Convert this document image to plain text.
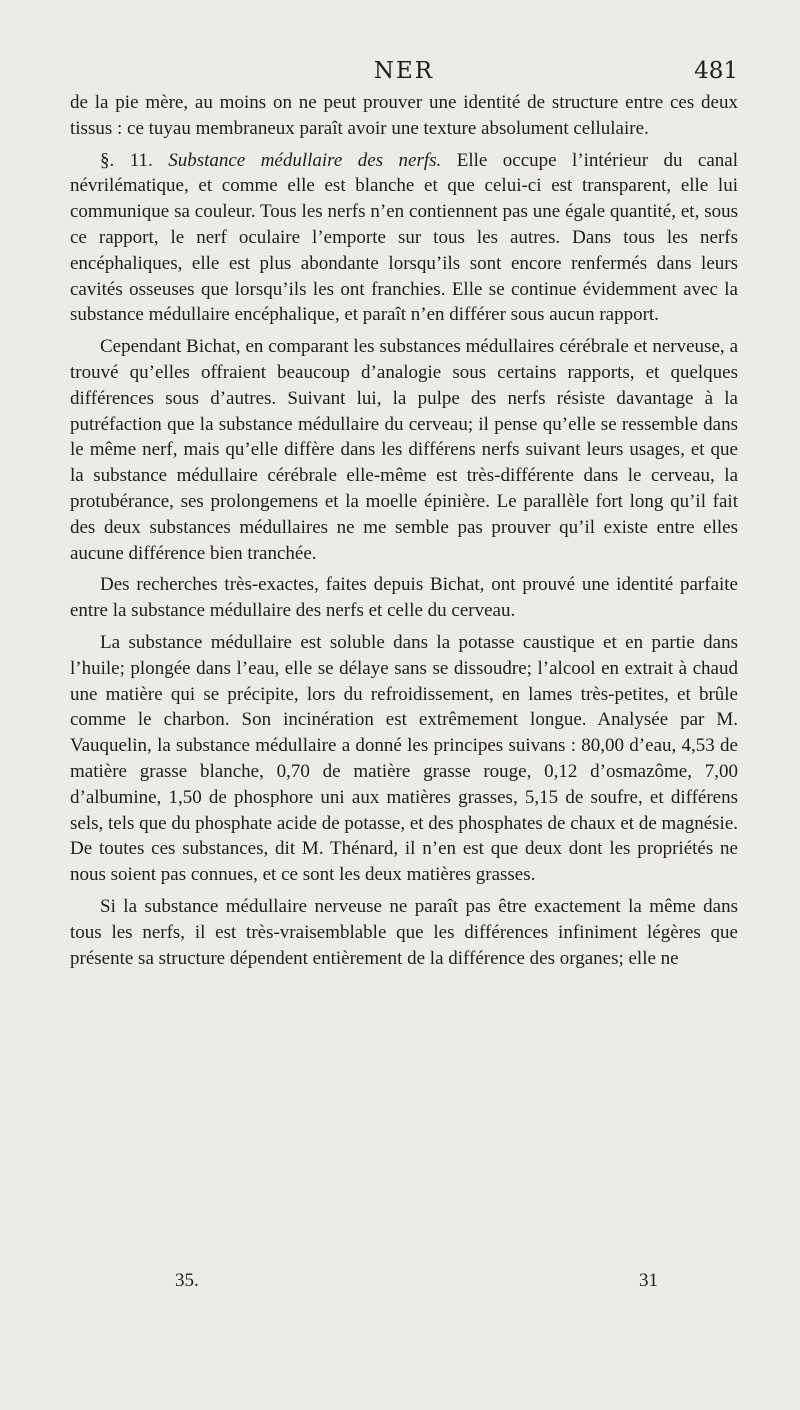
NER	481

de la pie mère, au moins on ne peut prouver une identité de structure entre ces deux tissus : ce tuyau membraneux paraît avoir une texture absolument cellulaire.

§. 11. Substance médullaire des nerfs. Elle occupe l’intérieur du canal névrilématique, et comme elle est blanche et que celui-ci est transparent, elle lui communique sa couleur. Tous les nerfs n’en contiennent pas une égale quantité, et, sous ce rapport, le nerf oculaire l’emporte sur tous les autres. Dans tous les nerfs encéphaliques, elle est plus abondante lorsqu’ils sont encore renfermés dans leurs cavités osseuses que lorsqu’ils les ont franchies. Elle se continue évidemment avec la substance médullaire encéphalique, et paraît n’en différer sous aucun rapport.

Cependant Bichat, en comparant les substances médullaires cérébrale et nerveuse, a trouvé qu’elles offraient beaucoup d’analogie sous certains rapports, et quelques différences sous d’autres. Suivant lui, la pulpe des nerfs résiste davantage à la putréfaction que la substance médullaire du cerveau; il pense qu’elle se ressemble dans le même nerf, mais qu’elle diffère dans les différens nerfs suivant leurs usages, et que la substance médullaire cérébrale elle-même est très-différente dans le cerveau, la protubérance, ses prolongemens et la moelle épinière. Le parallèle fort long qu’il fait des deux substances médullaires ne me semble pas prouver qu’il existe entre elles aucune différence bien tranchée.

Des recherches très-exactes, faites depuis Bichat, ont prouvé une identité parfaite entre la substance médullaire des nerfs et celle du cerveau.

La substance médullaire est soluble dans la potasse caustique et en partie dans l’huile; plongée dans l’eau, elle se délaye sans se dissoudre; l’alcool en extrait à chaud une matière qui se précipite, lors du refroidissement, en lames très-petites, et brûle comme le charbon. Son incinération est extrêmement longue. Analysée par M. Vauquelin, la substance médullaire a donné les principes suivans : 80,00 d’eau, 4,53 de matière grasse blanche, 0,70 de matière grasse rouge, 0,12 d’osmazôme, 7,00 d’albumine, 1,50 de phosphore uni aux matières grasses, 5,15 de soufre, et différens sels, tels que du phosphate acide de potasse, et des phosphates de chaux et de magnésie. De toutes ces substances, dit M. Thénard, il n’en est que deux dont les propriétés ne nous soient pas connues, et ce sont les deux matières grasses.

Si la substance médullaire nerveuse ne paraît pas être exactement la même dans tous les nerfs, il est très-vraisemblable que les différences infiniment légères que présente sa structure dépendent entièrement de la différence des organes; elle ne

35.	31
